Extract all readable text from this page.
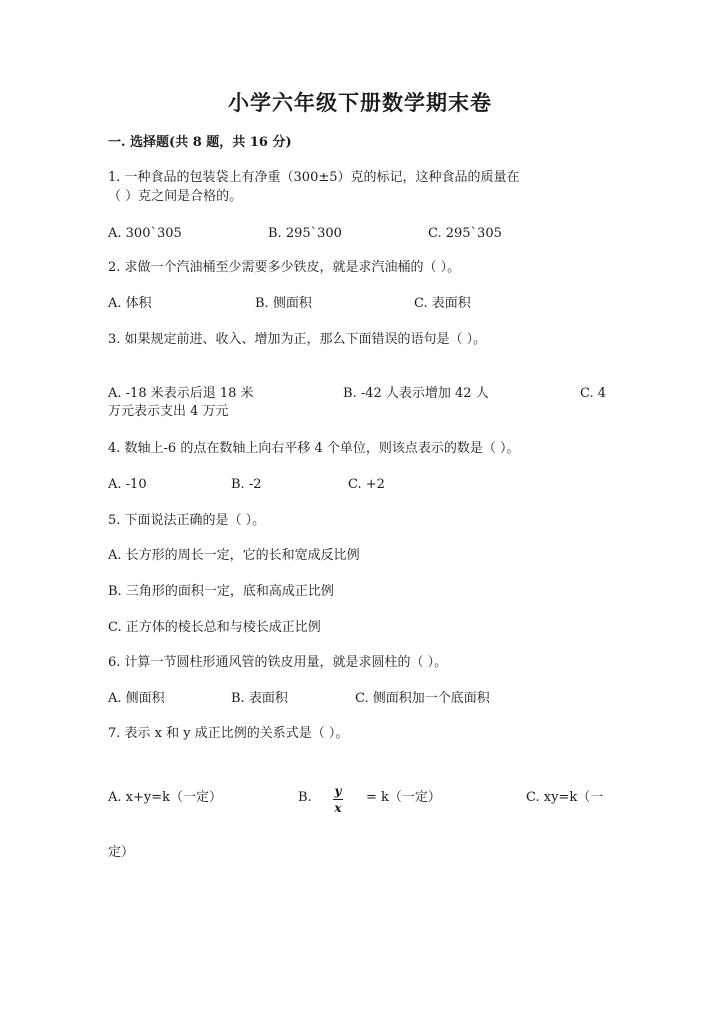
小学六年级下册数学期末卷
一. 选择题(共 8 题，共 16 分)
1. 一种食品的包装袋上有净重（300±5）克的标记，这种食品的质量在
（ ）克之间是合格的。
A. 300`305	B. 295`300	C. 295`305
2. 求做一个汽油桶至少需要多少铁皮，就是求汽油桶的（ ）。
A. 体积	B. 侧面积	C. 表面积
3. 如果规定前进、收入、增加为正，那么下面错误的语句是（ ）。
A. -18 米表示后退 18 米	B. -42 人表示增加 42 人	C. 4
万元表示支出 4 万元
4. 数轴上-6 的点在数轴上向右平移 4 个单位，则该点表示的数是（ ）。
A. -10	B. -2	C. +2
5. 下面说法正确的是（ ）。
A. 长方形的周长一定，它的长和宽成反比例
B. 三角形的面积一定，底和高成正比例
C. 正方体的棱长总和与棱长成正比例
6. 计算一节圆柱形通风管的铁皮用量，就是求圆柱的（ ）。
A. 侧面积	B. 表面积	C. 侧面积加一个底面积
7. 表示 x 和 y 成正比例的关系式是（ ）。
A. x+y=k（一定）	B. y
x
= k（一定）	C. xy=k（一
定）
